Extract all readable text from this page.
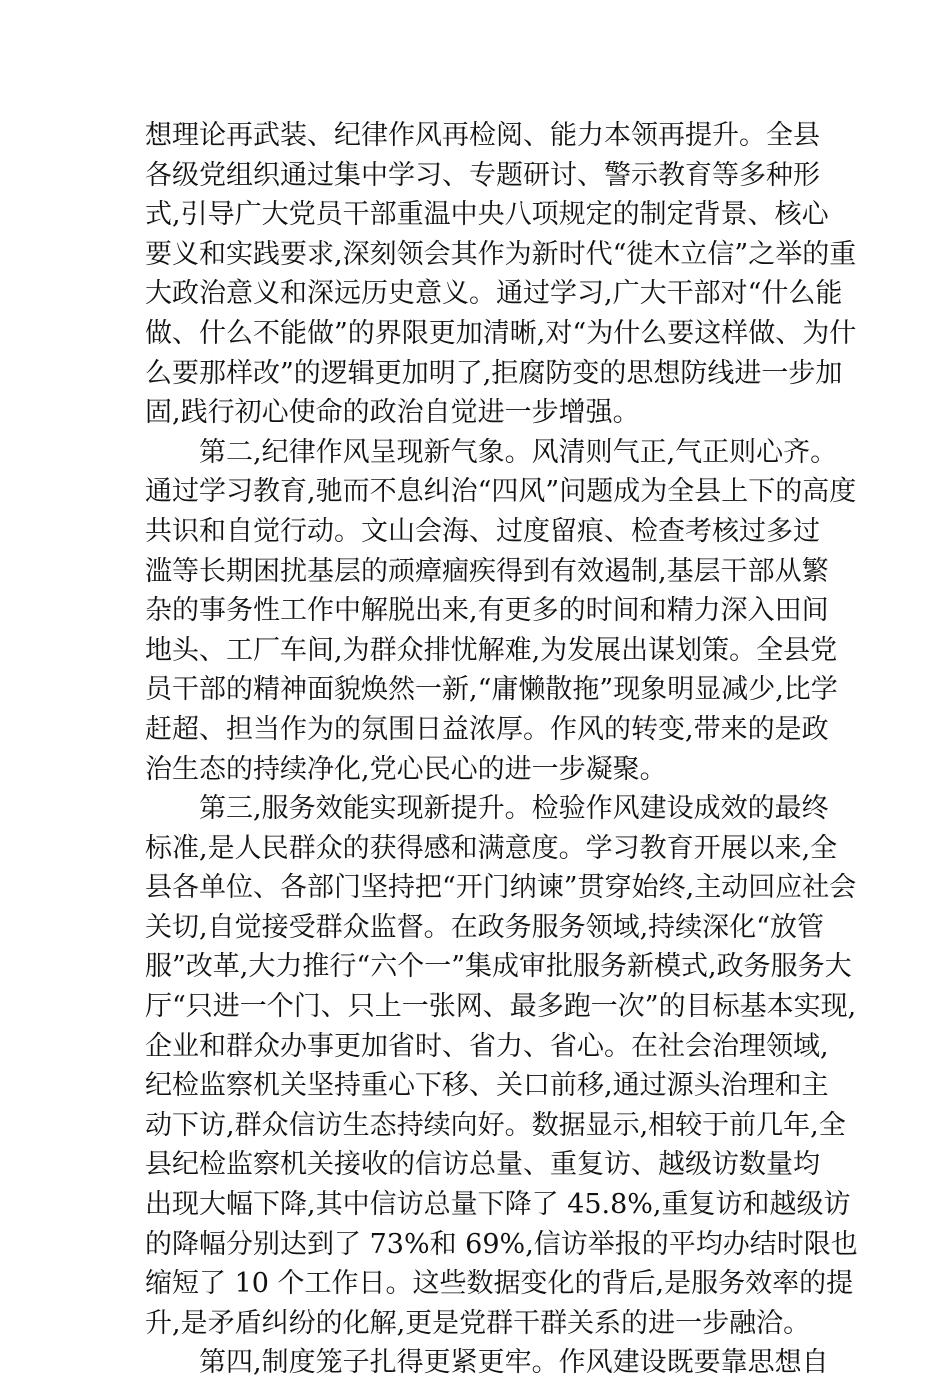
想理论再武装、纪律作风再检阅、能力本领再提升。全县
各级党组织通过集中学习、专题研讨、警示教育等多种形
式,引导广大党员干部重温中央八项规定的制定背景、核心
要义和实践要求,深刻领会其作为新时代“徙木立信”之举的重
大政治意义和深远历史意义。通过学习,广大干部对“什么能
做、什么不能做”的界限更加清晰,对“为什么要这样做、为什
么要那样改”的逻辑更加明了,拒腐防变的思想防线进一步加
固,践行初心使命的政治自觉进一步增强。
第二,纪律作风呈现新气象。风清则气正,气正则心齐。
通过学习教育,驰而不息纠治“四风”问题成为全县上下的高度
共识和自觉行动。文山会海、过度留痕、检查考核过多过
滥等长期困扰基层的顽瘴痼疾得到有效遏制,基层干部从繁
杂的事务性工作中解脱出来,有更多的时间和精力深入田间
地头、工厂车间,为群众排忧解难,为发展出谋划策。全县党
员干部的精神面貌焕然一新,“庸懒散拖”现象明显减少,比学
赶超、担当作为的氛围日益浓厚。作风的转变,带来的是政
治生态的持续净化,党心民心的进一步凝聚。
第三,服务效能实现新提升。检验作风建设成效的最终
标准,是人民群众的获得感和满意度。学习教育开展以来,全
县各单位、各部门坚持把“开门纳谏”贯穿始终,主动回应社会
关切,自觉接受群众监督。在政务服务领域,持续深化“放管
服”改革,大力推行“六个一”集成审批服务新模式,政务服务大
厅“只进一个门、只上一张网、最多跑一次”的目标基本实现,
企业和群众办事更加省时、省力、省心。在社会治理领域,
纪检监察机关坚持重心下移、关口前移,通过源头治理和主
动下访,群众信访生态持续向好。数据显示,相较于前几年,全
县纪检监察机关接收的信访总量、重复访、越级访数量均
出现大幅下降,其中信访总量下降了 45.8%,重复访和越级访
的降幅分别达到了 73%和 69%,信访举报的平均办结时限也
缩短了 10 个工作日。这些数据变化的背后,是服务效率的提
升,是矛盾纠纷的化解,更是党群干群关系的进一步融洽。
第四,制度笼子扎得更紧更牢。作风建设既要靠思想自
